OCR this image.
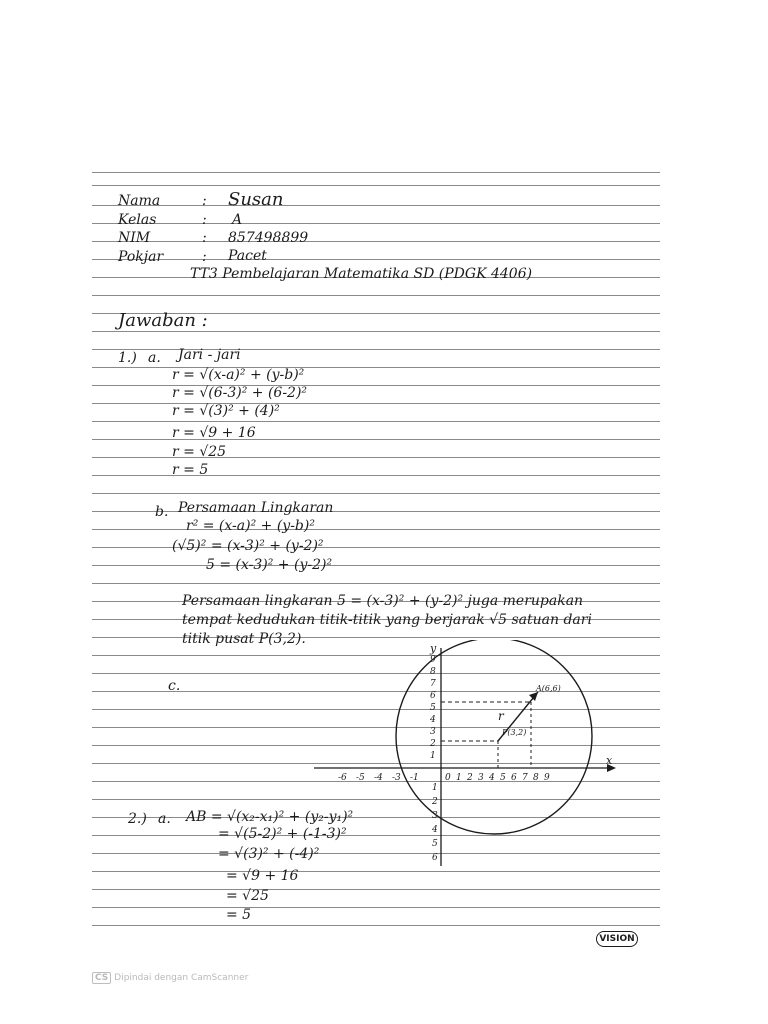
Nama	: Susan
Kelas	: A
NIM	: 857498899
Pokjar	: Pacet
TT3 Pembelajaran Matematika SD (PDGK 4406)
Jawaban :
1.) a. Jari - jari
r = √(x-a)² + (y-b)²
r = √(6-3)² + (6-2)²
r = √(3)² + (4)²
r = √9 + 16
r = √25
r = 5
b. Persamaan Lingkaran
r² = (x-a)² + (y-b)²
(√5)² = (x-3)² + (y-2)²
5 = (x-3)² + (y-2)²
Persamaan lingkaran 5 = (x-3)² + (y-2)² juga merupakan
tempat kedudukan titik-titik yang berjarak √5 satuan dari
titik pusat P(3,2).
c.
x
y
P(3,2)
A(6,6)
r
-6 -5 -4 -3 -1	0 1 2 3 4 5 6 7 8 9
9
8
7
6
5
4
3
2
1
1
2
3
4
5
6
2.) a. AB = √(x₂-x₁)² + (y₂-y₁)²
= √(5-2)² + (-1-3)²
= √(3)² + (-4)²
= √9 + 16
= √25
= 5
VISION
CS Dipindai dengan CamScanner
